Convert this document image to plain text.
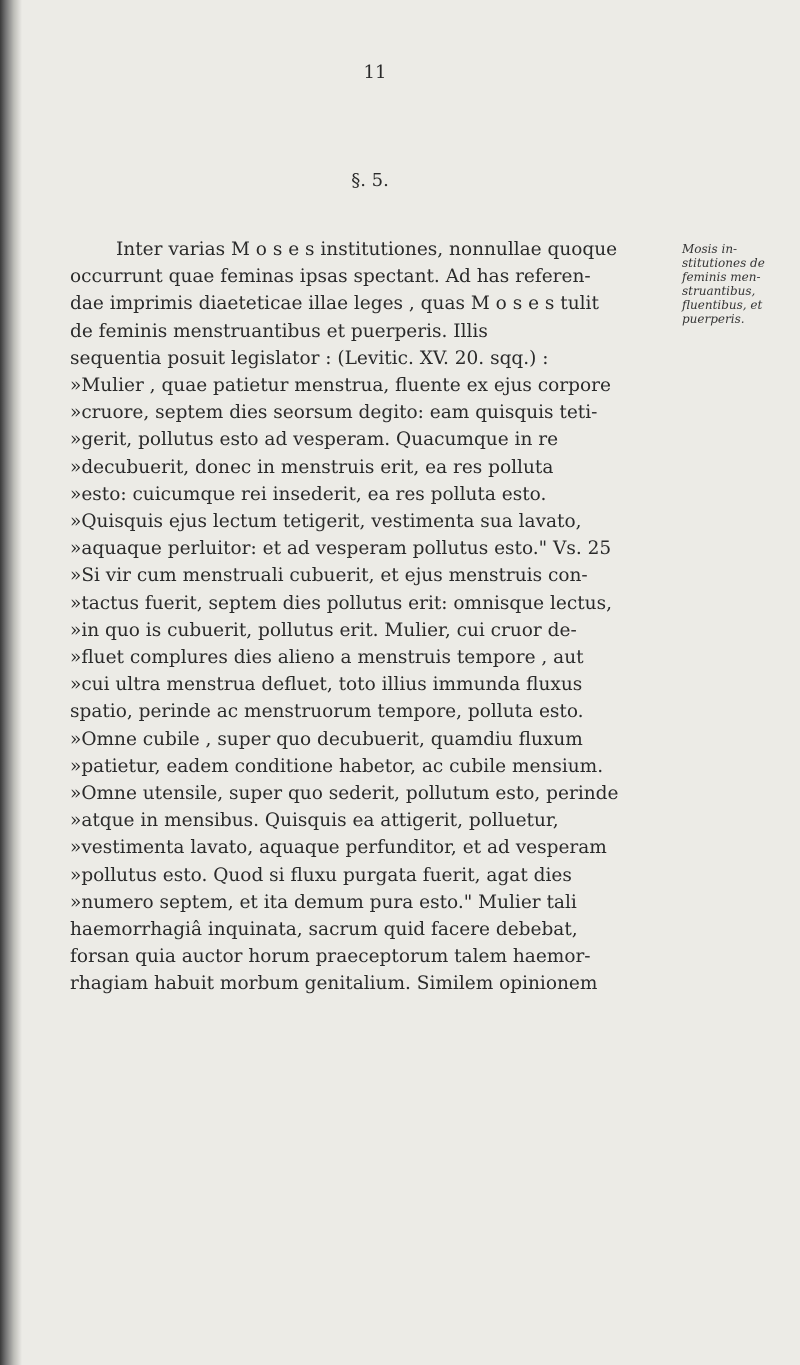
11
§. 5.
Inter varias M o s e s institutiones, nonnullae quoque
occurrunt quae feminas ipsas spectant. Ad has referen-
dae imprimis diaeteticae illae leges , quas M o s e s tulit
de feminis menstruantibus et puerperis. Illis
sequentia posuit legislator : (Levitic. XV. 20. sqq.) :
»Mulier , quae patietur menstrua, fluente ex ejus corpore
»cruore, septem dies seorsum degito: eam quisquis teti-
»gerit, pollutus esto ad vesperam. Quacumque in re
»decubuerit, donec in menstruis erit, ea res polluta
»esto: cuicumque rei insederit, ea res polluta esto.
»Quisquis ejus lectum tetigerit, vestimenta sua lavato,
»aquaque perluitor: et ad vesperam pollutus esto." Vs. 25
»Si vir cum menstruali cubuerit, et ejus menstruis con-
»tactus fuerit, septem dies pollutus erit: omnisque lectus,
»in quo is cubuerit, pollutus erit. Mulier, cui cruor de-
»fluet complures dies alieno a menstruis tempore , aut
»cui ultra menstrua defluet, toto illius immunda fluxus
spatio, perinde ac menstruorum tempore, polluta esto.
»Omne cubile , super quo decubuerit, quamdiu fluxum
»patietur, eadem conditione habetor, ac cubile mensium.
»Omne utensile, super quo sederit, pollutum esto, perinde
»atque in mensibus. Quisquis ea attigerit, polluetur,
»vestimenta lavato, aquaque perfunditor, et ad vesperam
»pollutus esto. Quod si fluxu purgata fuerit, agat dies
»numero septem, et ita demum pura esto." Mulier tali
haemorrhagiâ inquinata, sacrum quid facere debebat,
forsan quia auctor horum praeceptorum talem haemor-
rhagiam habuit morbum genitalium. Similem opinionem
Mosis in-
stitutiones de
feminis men-
struantibus,
fluentibus, et
puerperis.
